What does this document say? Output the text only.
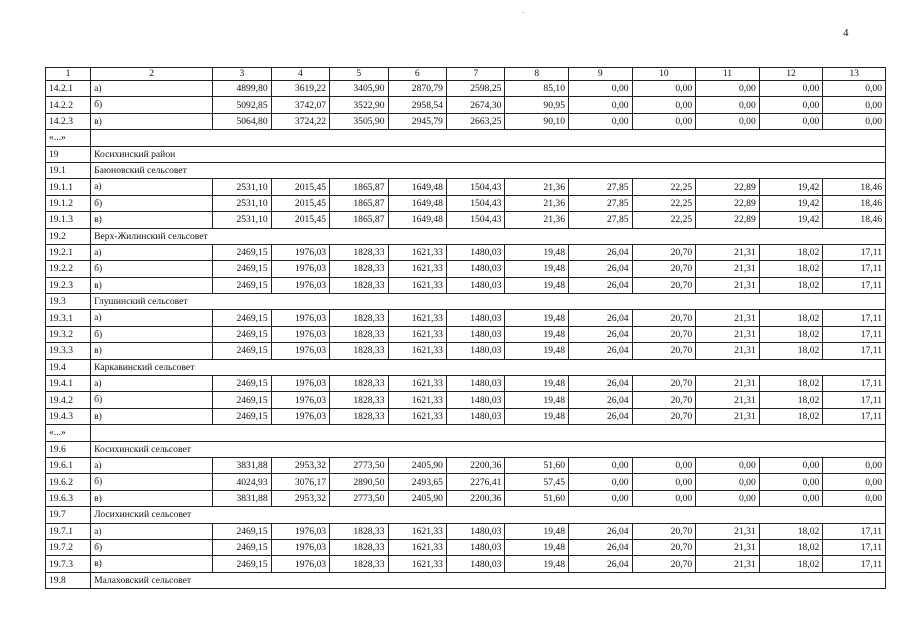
4
1	2	3	4	5	6	7	8	9	10	11	12	13
14.2.1	а)	4899,80	3619,22	3405,90	2870,79	2598,25	85,10	0,00	0,00	0,00	0,00	0,00
14.2.2	б)	5092,85	3742,07	3522,90	2958,54	2674,30	90,95	0,00	0,00	0,00	0,00	0,00
14.2.3	в)	5064,80	3724,22	3505,90	2945,79	2663,25	90,10	0,00	0,00	0,00	0,00	0,00
«...»												
19	Косихинский район											
19.1	Баюновский сельсовет											
19.1.1	а)	2531,10	2015,45	1865,87	1649,48	1504,43	21,36	27,85	22,25	22,89	19,42	18,46
19.1.2	б)	2531,10	2015,45	1865,87	1649,48	1504,43	21,36	27,85	22,25	22,89	19,42	18,46
19.1.3	в)	2531,10	2015,45	1865,87	1649,48	1504,43	21,36	27,85	22,25	22,89	19,42	18,46
19.2	Верх-Жилинский сельсовет											
19.2.1	а)	2469,15	1976,03	1828,33	1621,33	1480,03	19,48	26,04	20,70	21,31	18,02	17,11
19.2.2	б)	2469,15	1976,03	1828,33	1621,33	1480,03	19,48	26,04	20,70	21,31	18,02	17,11
19.2.3	в)	2469,15	1976,03	1828,33	1621,33	1480,03	19,48	26,04	20,70	21,31	18,02	17,11
19.3	Глушинский сельсовет											
19.3.1	а)	2469,15	1976,03	1828,33	1621,33	1480,03	19,48	26,04	20,70	21,31	18,02	17,11
19.3.2	б)	2469,15	1976,03	1828,33	1621,33	1480,03	19,48	26,04	20,70	21,31	18,02	17,11
19.3.3	в)	2469,15	1976,03	1828,33	1621,33	1480,03	19,48	26,04	20,70	21,31	18,02	17,11
19.4	Каркавинский сельсовет											
19.4.1	а)	2469,15	1976,03	1828,33	1621,33	1480,03	19,48	26,04	20,70	21,31	18,02	17,11
19.4.2	б)	2469,15	1976,03	1828,33	1621,33	1480,03	19,48	26,04	20,70	21,31	18,02	17,11
19.4.3	в)	2469,15	1976,03	1828,33	1621,33	1480,03	19,48	26,04	20,70	21,31	18,02	17,11
«...»												
19.6	Косихинский сельсовет											
19.6.1	а)	3831,88	2953,32	2773,50	2405,90	2200,36	51,60	0,00	0,00	0,00	0,00	0,00
19.6.2	б)	4024,93	3076,17	2890,50	2493,65	2276,41	57,45	0,00	0,00	0,00	0,00	0,00
19.6.3	в)	3831,88	2953,32	2773,50	2405,90	2200,36	51,60	0,00	0,00	0,00	0,00	0,00
19.7	Лосихинский сельсовет											
19.7.1	а)	2469,15	1976,03	1828,33	1621,33	1480,03	19,48	26,04	20,70	21,31	18,02	17,11
19.7.2	б)	2469,15	1976,03	1828,33	1621,33	1480,03	19,48	26,04	20,70	21,31	18,02	17,11
19.7.3	в)	2469,15	1976,03	1828,33	1621,33	1480,03	19,48	26,04	20,70	21,31	18,02	17,11
19.8	Малаховский сельсовет											
